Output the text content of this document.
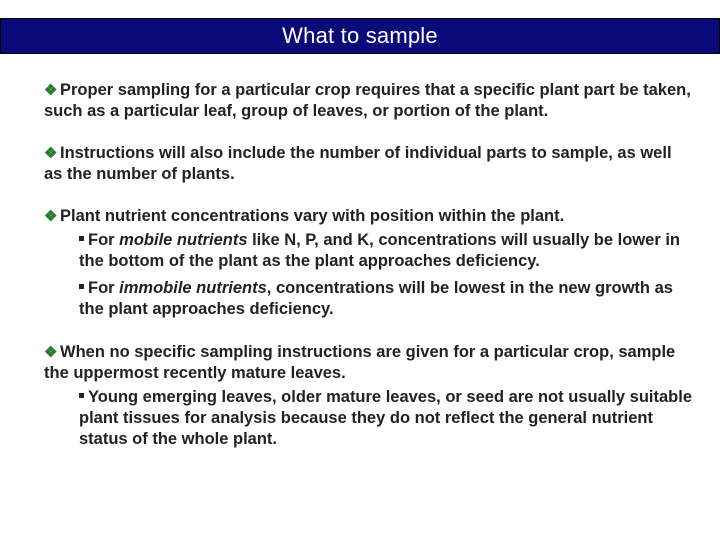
What to sample

❖ Proper sampling for a particular crop requires that a specific plant part be taken, such as a particular leaf, group of leaves, or portion of the plant.

❖ Instructions will also include the number of individual parts to sample, as well as the number of plants.

❖ Plant nutrient concentrations vary with position within the plant.
For mobile nutrients like N, P, and K, concentrations will usually be lower in the bottom of the plant as the plant approaches deficiency.
For immobile nutrients, concentrations will be lowest in the new growth as the plant approaches deficiency.
❖ When no specific sampling instructions are given for a particular crop, sample the uppermost recently mature leaves.
Young emerging leaves, older mature leaves, or seed are not usually suitable plant tissues for analysis because they do not reflect the general nutrient status of the whole plant.
